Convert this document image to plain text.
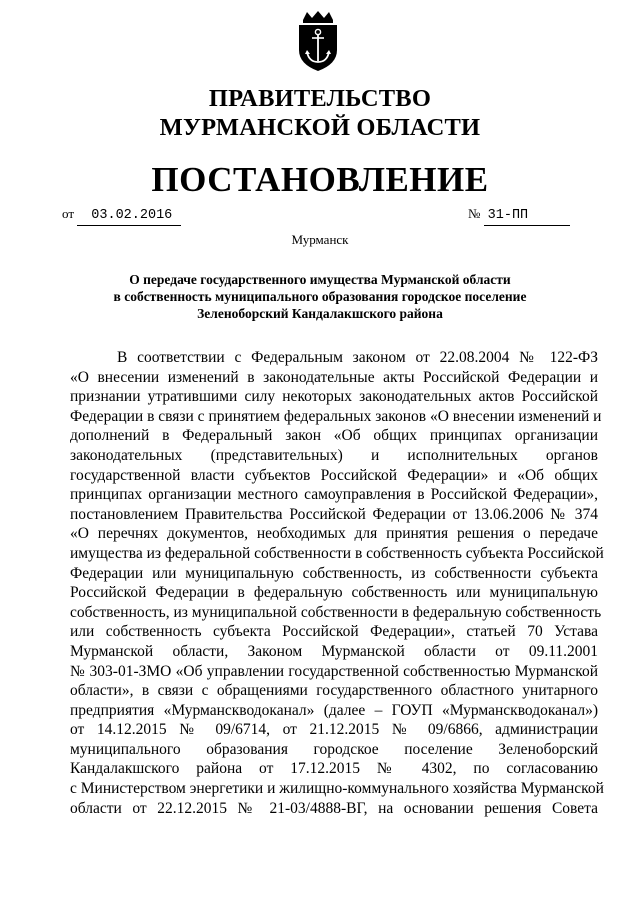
ПРАВИТЕЛЬСТВО
МУРМАНСКОЙ ОБЛАСТИ
ПОСТАНОВЛЕНИЕ
от 03.02.2016	№ 31-ПП
Мурманск
О передаче государственного имущества Мурманской области
в собственность муниципального образования городское поселение
Зеленоборский Кандалакшского района
В соответствии с Федеральным законом от 22.08.2004 № 122-ФЗ
«О внесении изменений в законодательные акты Российской Федерации и
признании утратившими силу некоторых законодательных актов Российской
Федерации в связи с принятием федеральных законов «О внесении изменений и
дополнений в Федеральный закон «Об общих принципах организации
законодательных (представительных) и исполнительных органов
государственной власти субъектов Российской Федерации» и «Об общих
принципах организации местного самоуправления в Российской Федерации»,
постановлением Правительства Российской Федерации от 13.06.2006 № 374
«О перечнях документов, необходимых для принятия решения о передаче
имущества из федеральной собственности в собственность субъекта Российской
Федерации или муниципальную собственность, из собственности субъекта
Российской Федерации в федеральную собственность или муниципальную
собственность, из муниципальной собственности в федеральную собственность
или собственность субъекта Российской Федерации», статьей 70 Устава
Мурманской области, Законом Мурманской области от 09.11.2001
№ 303-01-ЗМО «Об управлении государственной собственностью Мурманской
области», в связи с обращениями государственного областного унитарного
предприятия «Мурманскводоканал» (далее – ГОУП «Мурманскводоканал»)
от 14.12.2015 № 09/6714, от 21.12.2015 № 09/6866, администрации
муниципального образования городское поселение Зеленоборский
Кандалакшского района от 17.12.2015 № 4302, по согласованию
с Министерством энергетики и жилищно-коммунального хозяйства Мурманской
области от 22.12.2015 № 21-03/4888-ВГ, на основании решения Совета
